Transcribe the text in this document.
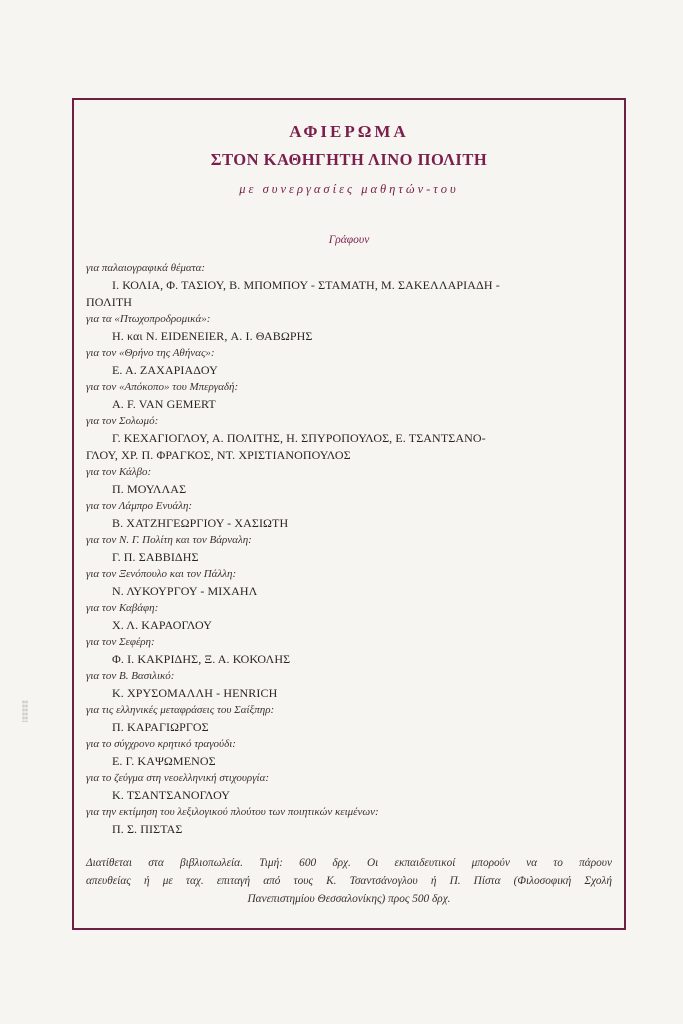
ΑΦΙΕΡΩΜΑ
ΣΤΟΝ ΚΑΘΗΓΗΤΗ ΛΙΝΟ ΠΟΛΙΤΗ
με συνεργασίες μαθητών-του
Γράφουν
για παλαιογραφικά θέματα:
Ι. ΚΟΛΙΑ, Φ. ΤΑΣΙΟΥ, Β. ΜΠΟΜΠΟΥ - ΣΤΑΜΑΤΗ, Μ. ΣΑΚΕΛΛΑΡΙΑΔΗ -
ΠΟΛΙΤΗ
για τα «Πτωχοπροδρομικά»:
Η. και Ν. EIDENEIER, Α. Ι. ΘΑΒΩΡΗΣ
για τον «Θρήνο της Αθήνας»:
Ε. Α. ΖΑΧΑΡΙΑΔΟΥ
για τον «Απόκοπο» του Μπεργαδή:
A. F. VAN GEMERT
για τον Σολωμό:
Γ. ΚΕΧΑΓΙΟΓΛΟΥ, Α. ΠΟΛΙΤΗΣ, Η. ΣΠΥΡΟΠΟΥΛΟΣ, Ε. ΤΣΑΝΤΣΑΝΟ-
ΓΛΟΥ, ΧΡ. Π. ΦΡΑΓΚΟΣ, ΝΤ. ΧΡΙΣΤΙΑΝΟΠΟΥΛΟΣ
για τον Κάλβο:
Π. ΜΟΥΛΛΑΣ
για τον Λάμπρο Ενυάλη:
Β. ΧΑΤΖΗΓΕΩΡΓΙΟΥ - ΧΑΣΙΩΤΗ
για τον Ν. Γ. Πολίτη και τον Βάρναλη:
Γ. Π. ΣΑΒΒΙΔΗΣ
για τον Ξενόπουλο και τον Πάλλη:
Ν. ΛΥΚΟΥΡΓΟΥ - ΜΙΧΑΗΛ
για τον Καβάφη:
Χ. Λ. ΚΑΡΑΟΓΛΟΥ
για τον Σεφέρη:
Φ. Ι. ΚΑΚΡΙΔΗΣ, Ξ. Α. ΚΟΚΟΛΗΣ
για τον Β. Βασιλικό:
Κ. ΧΡΥΣΟΜΑΛΛΗ - HENRICH
για τις ελληνικές μεταφράσεις του Σαίξπηρ:
Π. ΚΑΡΑΓΙΩΡΓΟΣ
για το σύγχρονο κρητικό τραγούδι:
Ε. Γ. ΚΑΨΩΜΕΝΟΣ
για το ζεύγμα στη νεοελληνική στιχουργία:
Κ. ΤΣΑΝΤΣΑΝΟΓΛΟΥ
για την εκτίμηση του λεξιλογικού πλούτου των ποιητικών κειμένων:
Π. Σ. ΠΙΣΤΑΣ
Διατίθεται στα βιβλιοπωλεία. Τιμή: 600 δρχ. Οι εκπαιδευτικοί μπορούν να το πάρουν
απευθείας ή με ταχ. επιταγή από τους Κ. Τσαντσάνογλου ή Π. Πίστα (Φιλοσοφική Σχολή
Πανεπιστημίου Θεσσαλονίκης) προς 500 δρχ.
